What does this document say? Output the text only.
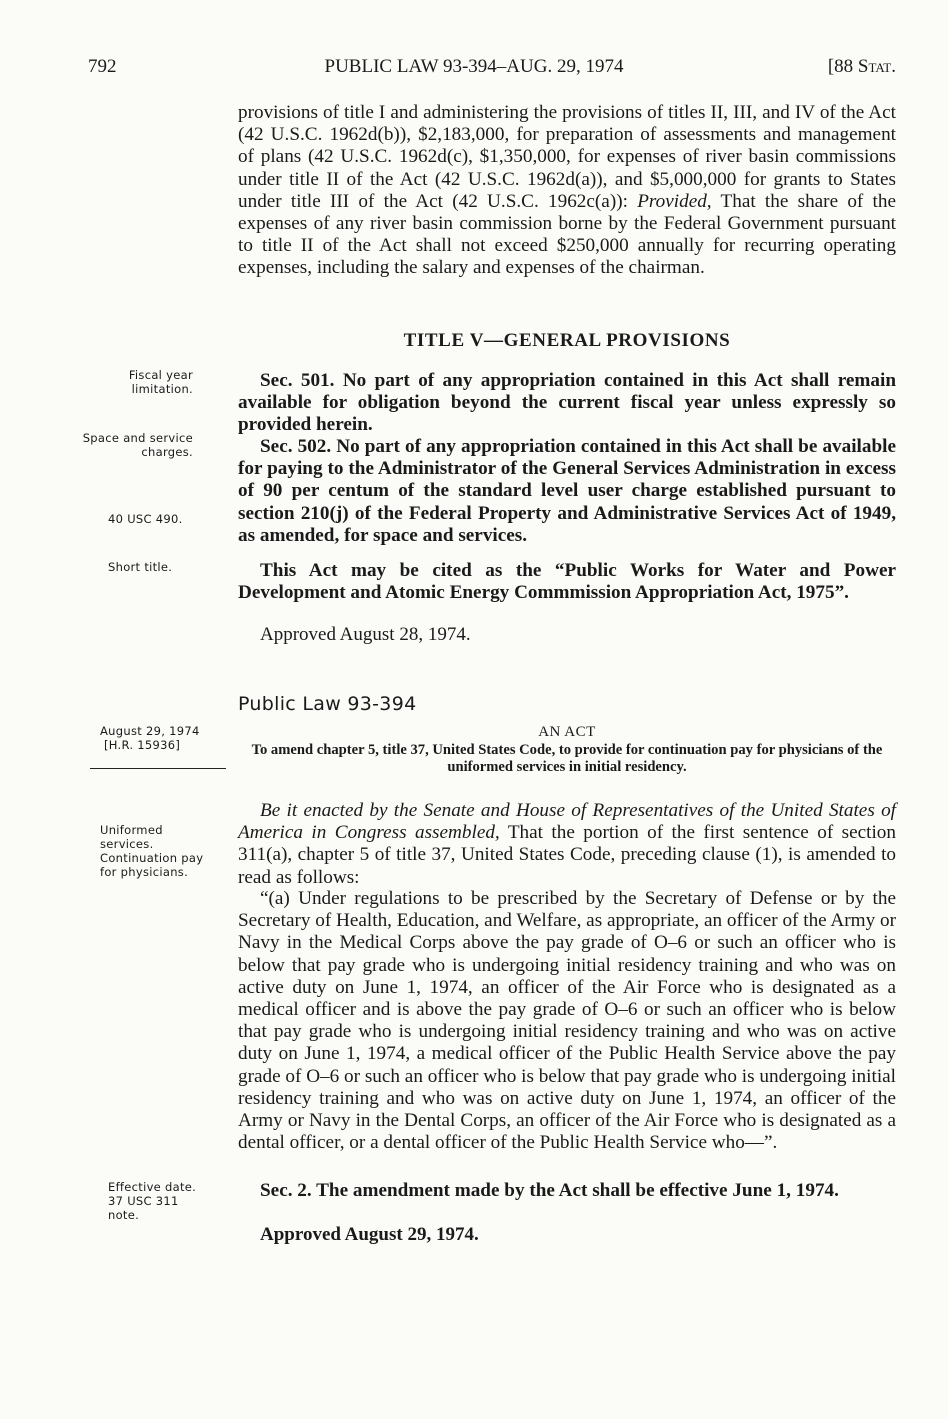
792	PUBLIC LAW 93-394–AUG. 29, 1974	[88 Stat.

provisions of title I and administering the provisions of titles II, III, and IV of the Act (42 U.S.C. 1962d(b)), $2,183,000, for preparation of assessments and management of plans (42 U.S.C. 1962d(c), $1,350,000, for expenses of river basin commissions under title II of the Act (42 U.S.C. 1962d(a)), and $5,000,000 for grants to States under title III of the Act (42 U.S.C. 1962c(a)): Provided, That the share of the expenses of any river basin commission borne by the Federal Government pursuant to title II of the Act shall not exceed $250,000 annually for recurring operating expenses, including the salary and expenses of the chairman.

TITLE V—GENERAL PROVISIONS

Sec. 501. No part of any appropriation contained in this Act shall remain available for obligation beyond the current fiscal year unless expressly so provided herein.

Sec. 502. No part of any appropriation contained in this Act shall be available for paying to the Administrator of the General Services Administration in excess of 90 per centum of the standard level user charge established pursuant to section 210(j) of the Federal Property and Administrative Services Act of 1949, as amended, for space and services.

This Act may be cited as the “Public Works for Water and Power Development and Atomic Energy Commmission Appropriation Act, 1975”.

Approved August 28, 1974.
Public Law 93-394
AN ACT
To amend chapter 5, title 37, United States Code, to provide for continuation pay for physicians of the uniformed services in initial residency.

Be it enacted by the Senate and House of Representatives of the United States of America in Congress assembled, That the portion of the first sentence of section 311(a), chapter 5 of title 37, United States Code, preceding clause (1), is amended to read as follows:

“(a) Under regulations to be prescribed by the Secretary of Defense or by the Secretary of Health, Education, and Welfare, as appropriate, an officer of the Army or Navy in the Medical Corps above the pay grade of O–6 or such an officer who is below that pay grade who is undergoing initial residency training and who was on active duty on June 1, 1974, an officer of the Air Force who is designated as a medical officer and is above the pay grade of O–6 or such an officer who is below that pay grade who is undergoing initial residency training and who was on active duty on June 1, 1974, a medical officer of the Public Health Service above the pay grade of O–6 or such an officer who is below that pay grade who is undergoing initial residency training and who was on active duty on June 1, 1974, an officer of the Army or Navy in the Dental Corps, an officer of the Air Force who is designated as a dental officer, or a dental officer of the Public Health Service who—”.

Sec. 2. The amendment made by the Act shall be effective June 1, 1974.

Approved August 29, 1974.
Fiscal year limitation.
Space and service charges.
40 USC 490.
Short title.
August 29, 1974
[H.R. 15936]
Uniformed services.
Continuation pay for physicians.
Effective date.
37 USC 311 note.
